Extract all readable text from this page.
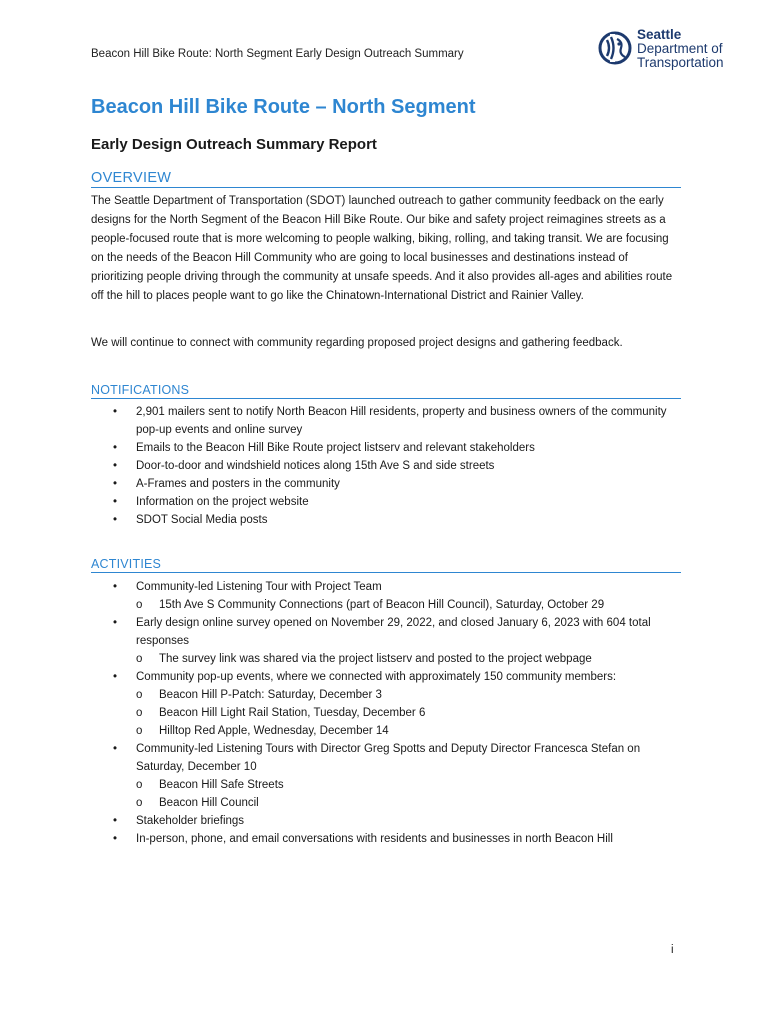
Beacon Hill Bike Route: North Segment Early Design Outreach Summary
Seattle
Department of
Transportation
Beacon Hill Bike Route – North Segment
Early Design Outreach Summary Report
OVERVIEW
The Seattle Department of Transportation (SDOT) launched outreach to gather community feedback on the early designs for the North Segment of the Beacon Hill Bike Route. Our bike and safety project reimagines streets as a people-focused route that is more welcoming to people walking, biking, rolling, and taking transit. We are focusing on the needs of the Beacon Hill Community who are going to local businesses and destinations instead of prioritizing people driving through the community at unsafe speeds. And it also provides all-ages and abilities route off the hill to places people want to go like the Chinatown-International District and Rainier Valley.
We will continue to connect with community regarding proposed project designs and gathering feedback.
NOTIFICATIONS
• 2,901 mailers sent to notify North Beacon Hill residents, property and business owners of the community pop-up events and online survey
• Emails to the Beacon Hill Bike Route project listserv and relevant stakeholders
• Door-to-door and windshield notices along 15th Ave S and side streets
• A-Frames and posters in the community
• Information on the project website
• SDOT Social Media posts
ACTIVITIES
• Community-led Listening Tour with Project Team
o 15th Ave S Community Connections (part of Beacon Hill Council), Saturday, October 29
• Early design online survey opened on November 29, 2022, and closed January 6, 2023 with 604 total responses
o The survey link was shared via the project listserv and posted to the project webpage
• Community pop-up events, where we connected with approximately 150 community members:
o Beacon Hill P-Patch: Saturday, December 3
o Beacon Hill Light Rail Station, Tuesday, December 6
o Hilltop Red Apple, Wednesday, December 14
• Community-led Listening Tours with Director Greg Spotts and Deputy Director Francesca Stefan on Saturday, December 10
o Beacon Hill Safe Streets
o Beacon Hill Council
• Stakeholder briefings
• In-person, phone, and email conversations with residents and businesses in north Beacon Hill
i
